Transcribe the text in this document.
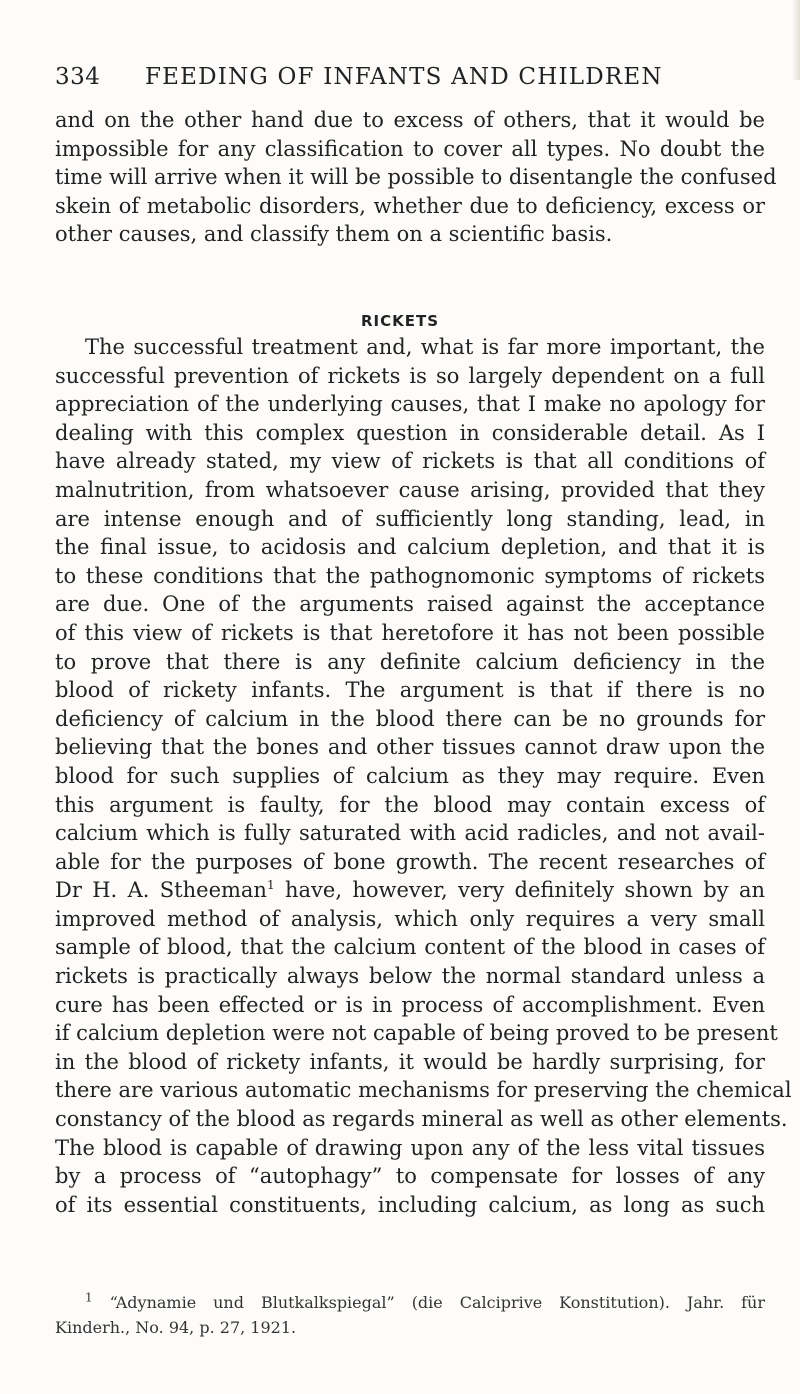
334 FEEDING OF INFANTS AND CHILDREN
and on the other hand due to excess of others, that it would be
impossible for any classification to cover all types. No doubt the
time will arrive when it will be possible to disentangle the confused
skein of metabolic disorders, whether due to deficiency, excess or
other causes, and classify them on a scientific basis.
RICKETS
The successful treatment and, what is far more important, the
successful prevention of rickets is so largely dependent on a full
appreciation of the underlying causes, that I make no apology for
dealing with this complex question in considerable detail. As I
have already stated, my view of rickets is that all conditions of
malnutrition, from whatsoever cause arising, provided that they
are intense enough and of sufficiently long standing, lead, in
the final issue, to acidosis and calcium depletion, and that it is
to these conditions that the pathognomonic symptoms of rickets
are due. One of the arguments raised against the acceptance
of this view of rickets is that heretofore it has not been possible
to prove that there is any definite calcium deficiency in the
blood of rickety infants. The argument is that if there is no
deficiency of calcium in the blood there can be no grounds for
believing that the bones and other tissues cannot draw upon the
blood for such supplies of calcium as they may require. Even
this argument is faulty, for the blood may contain excess of
calcium which is fully saturated with acid radicles, and not avail-
able for the purposes of bone growth. The recent researches of
Dr H. A. Stheeman$^1$ have, however, very definitely shown by an
improved method of analysis, which only requires a very small
sample of blood, that the calcium content of the blood in cases of
rickets is practically always below the normal standard unless a
cure has been effected or is in process of accomplishment. Even
if calcium depletion were not capable of being proved to be present
in the blood of rickety infants, it would be hardly surprising, for
there are various automatic mechanisms for preserving the chemical
constancy of the blood as regards mineral as well as other elements.
The blood is capable of drawing upon any of the less vital tissues
by a process of “autophagy” to compensate for losses of any
of its essential constituents, including calcium, as long as such
$^1$ “Adynamie und Blutkalkspiegal” (die Calciprive Konstitution). Jahr. für
Kinderh., No. 94, p. 27, 1921.
